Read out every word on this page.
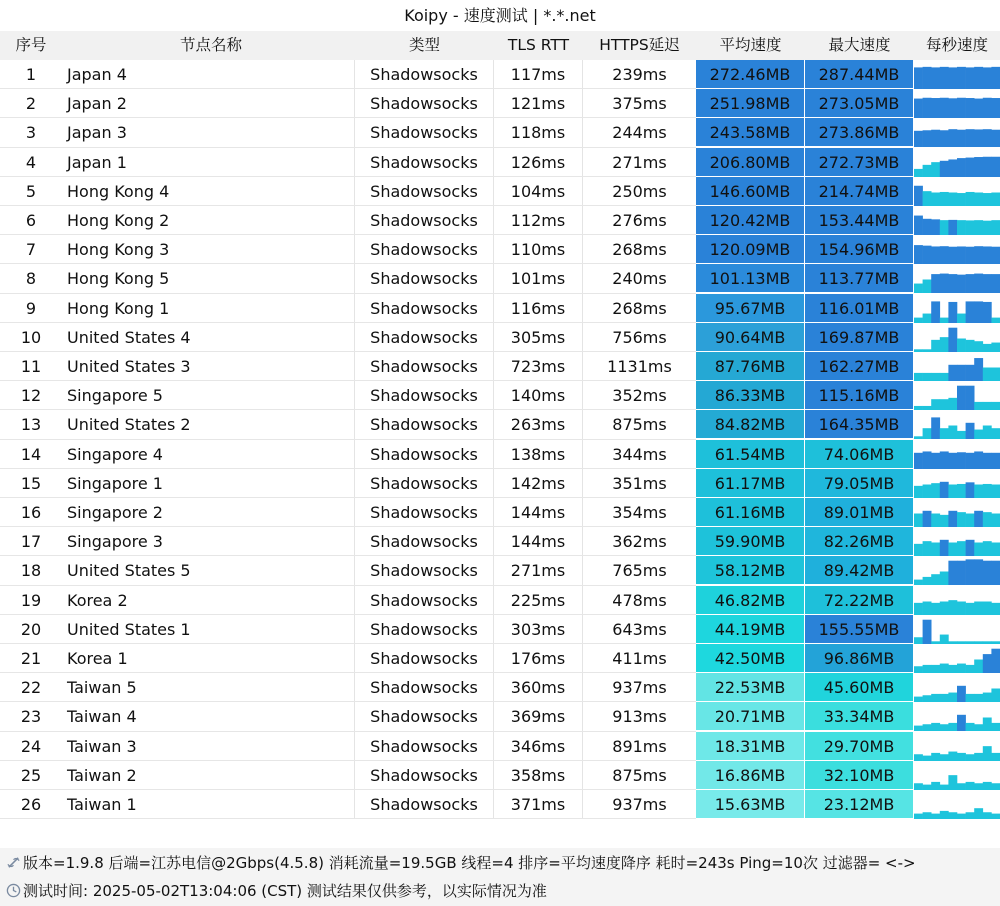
Koipy - 速度测试 | *.*.net
序号	节点名称	类型	TLS RTT	HTTPS延迟	平均速度	最大速度	每秒速度
1	Japan 4	Shadowsocks	117ms	239ms	272.46MB	287.44MB
2	Japan 2	Shadowsocks	121ms	375ms	251.98MB	273.05MB
3	Japan 3	Shadowsocks	118ms	244ms	243.58MB	273.86MB
4	Japan 1	Shadowsocks	126ms	271ms	206.80MB	272.73MB
5	Hong Kong 4	Shadowsocks	104ms	250ms	146.60MB	214.74MB
6	Hong Kong 2	Shadowsocks	112ms	276ms	120.42MB	153.44MB
7	Hong Kong 3	Shadowsocks	110ms	268ms	120.09MB	154.96MB
8	Hong Kong 5	Shadowsocks	101ms	240ms	101.13MB	113.77MB
9	Hong Kong 1	Shadowsocks	116ms	268ms	95.67MB	116.01MB
10	United States 4	Shadowsocks	305ms	756ms	90.64MB	169.87MB
11	United States 3	Shadowsocks	723ms	1131ms	87.76MB	162.27MB
12	Singapore 5	Shadowsocks	140ms	352ms	86.33MB	115.16MB
13	United States 2	Shadowsocks	263ms	875ms	84.82MB	164.35MB
14	Singapore 4	Shadowsocks	138ms	344ms	61.54MB	74.06MB
15	Singapore 1	Shadowsocks	142ms	351ms	61.17MB	79.05MB
16	Singapore 2	Shadowsocks	144ms	354ms	61.16MB	89.01MB
17	Singapore 3	Shadowsocks	144ms	362ms	59.90MB	82.26MB
18	United States 5	Shadowsocks	271ms	765ms	58.12MB	89.42MB
19	Korea 2	Shadowsocks	225ms	478ms	46.82MB	72.22MB
20	United States 1	Shadowsocks	303ms	643ms	44.19MB	155.55MB
21	Korea 1	Shadowsocks	176ms	411ms	42.50MB	96.86MB
22	Taiwan 5	Shadowsocks	360ms	937ms	22.53MB	45.60MB
23	Taiwan 4	Shadowsocks	369ms	913ms	20.71MB	33.34MB
24	Taiwan 3	Shadowsocks	346ms	891ms	18.31MB	29.70MB
25	Taiwan 2	Shadowsocks	358ms	875ms	16.86MB	32.10MB
26	Taiwan 1	Shadowsocks	371ms	937ms	15.63MB	23.12MB
版本=1.9.8 后端=江苏电信@2Gbps(4.5.8) 消耗流量=19.5GB 线程=4 排序=平均速度降序 耗时=243s Ping=10次 过滤器= <->
测试时间: 2025-05-02T13:04:06 (CST) 测试结果仅供参考，以实际情况为准
